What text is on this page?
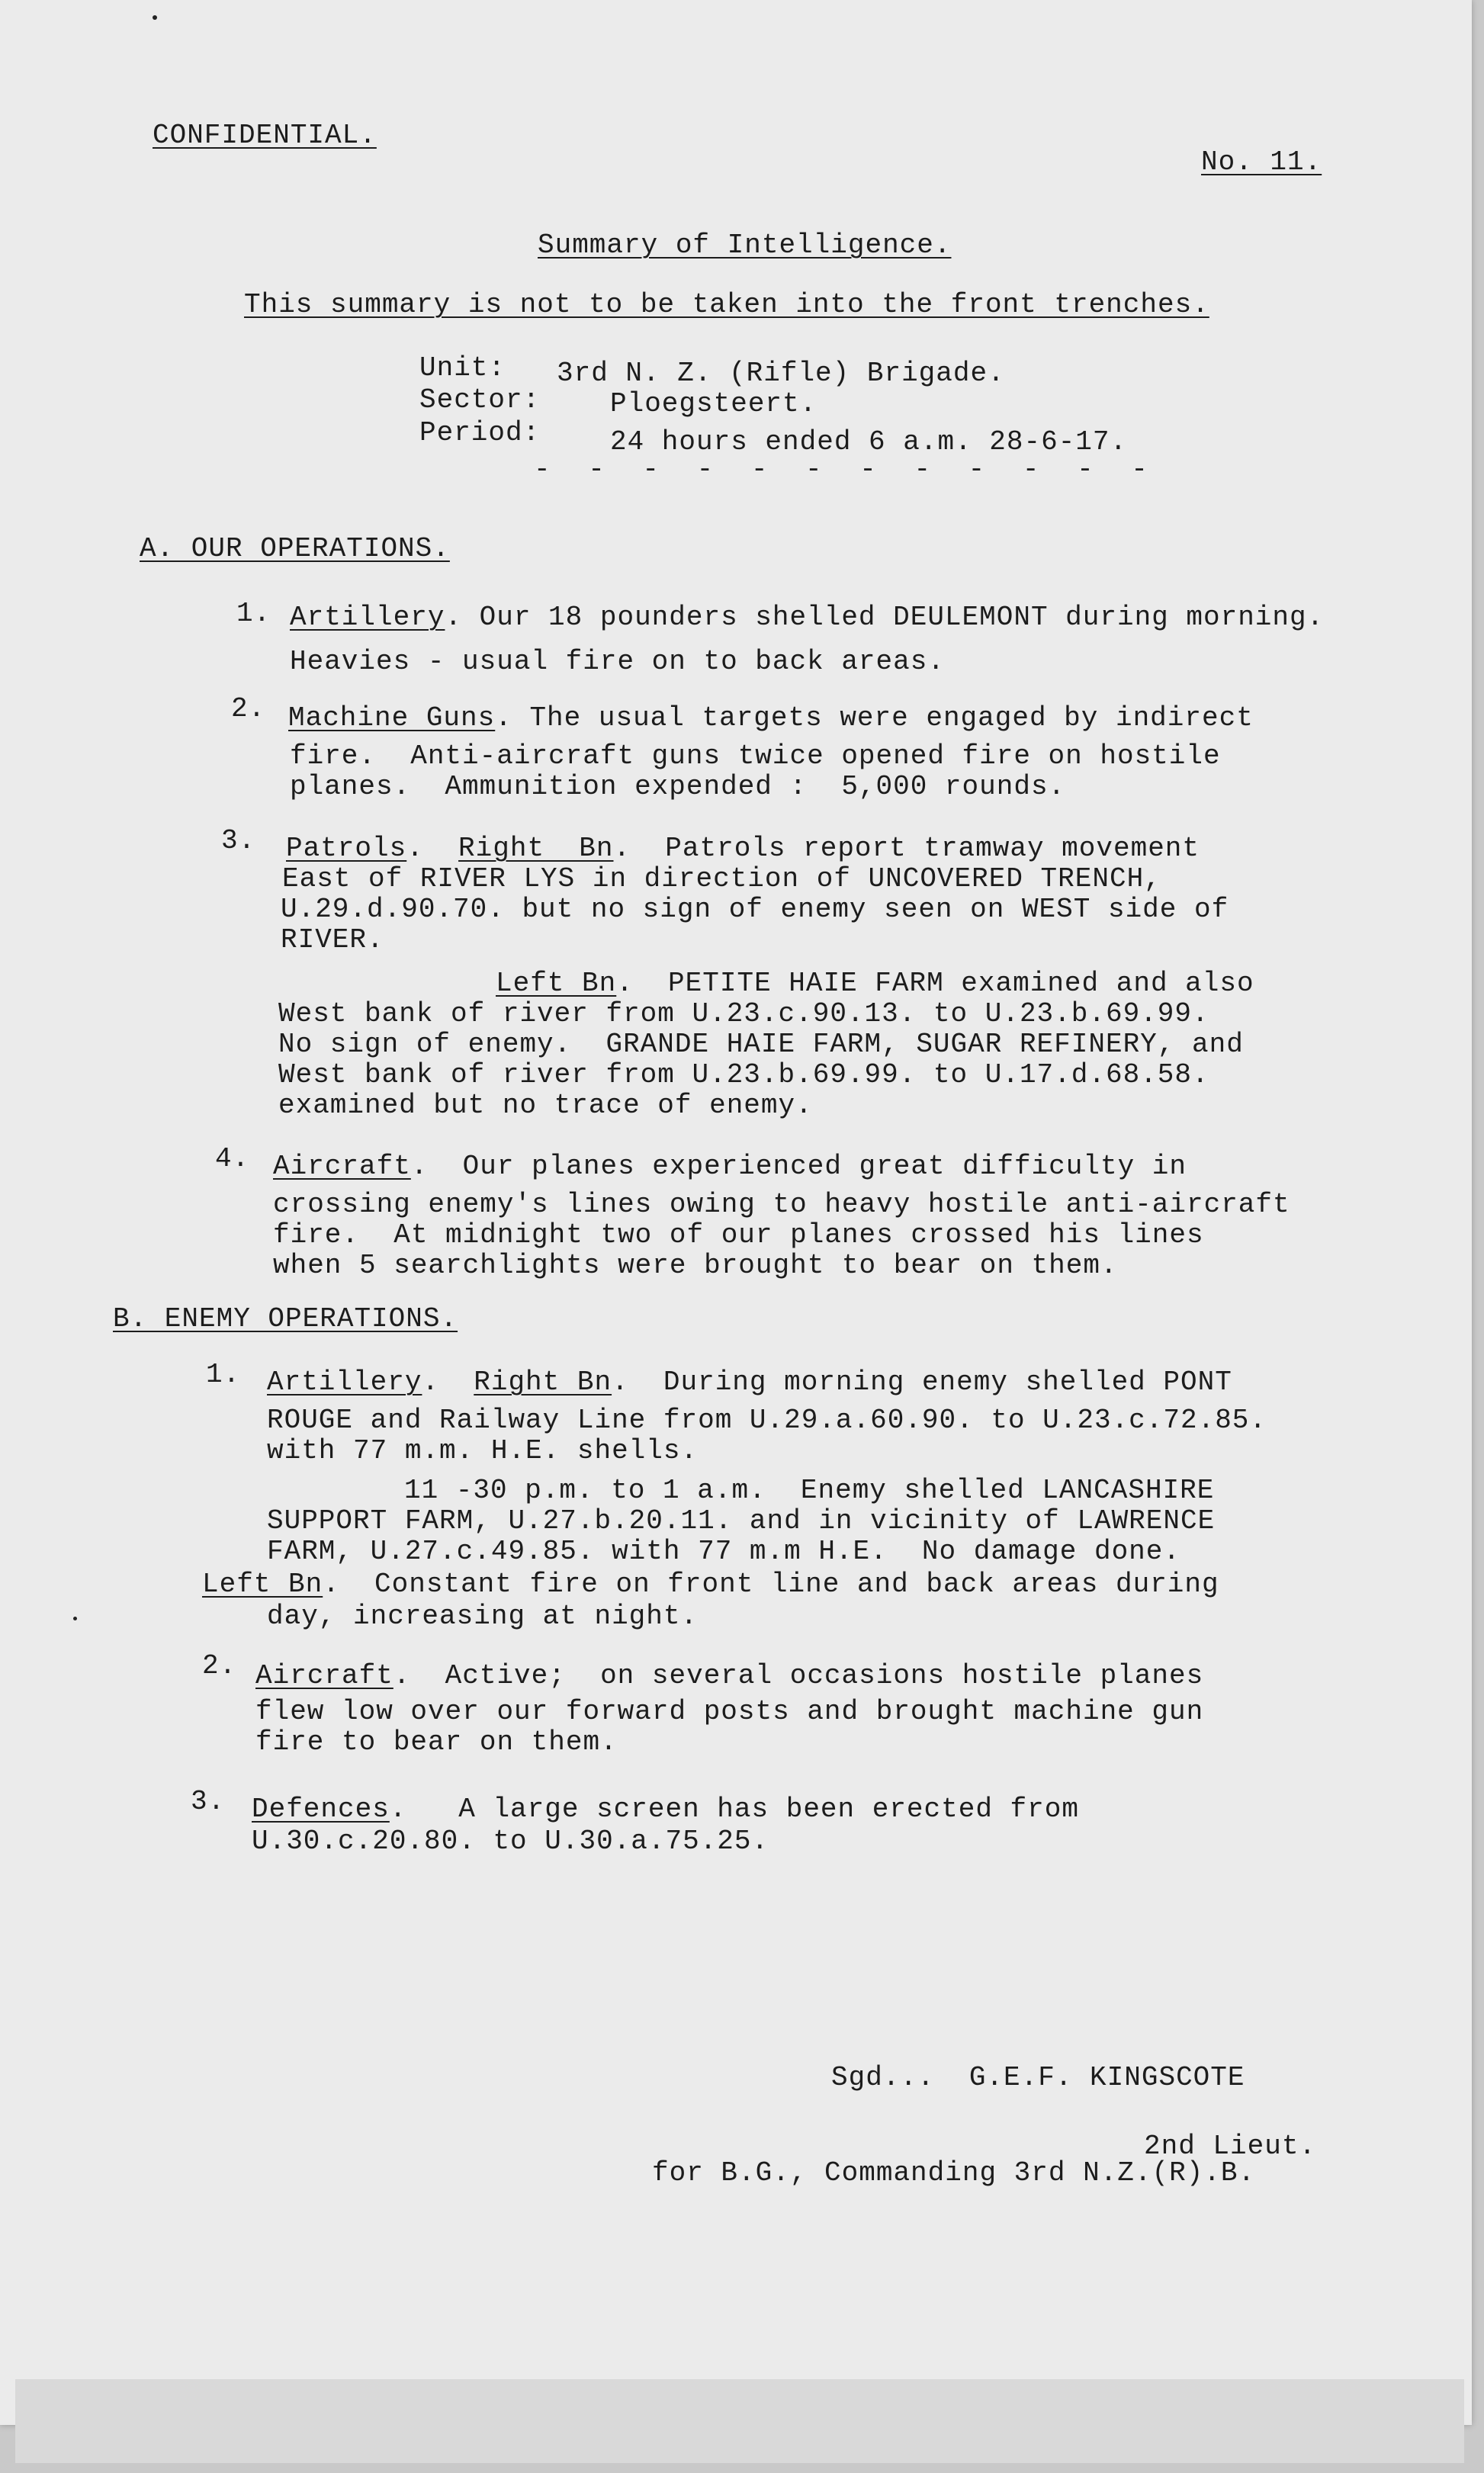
CONFIDENTIAL.
No. 11.
Summary of Intelligence.
This summary is not to be taken into the front trenches.
Unit: 3rd N. Z. (Rifle) Brigade.
Sector:	Ploegsteert.
Period:	24 hours ended 6 a.m. 28-6-17.
- - - - - - - - - - - -
A. OUR OPERATIONS.
1. Artillery. Our 18 pounders shelled DEULEMONT during morning.
Heavies - usual fire on to back areas.
2. Machine Guns. The usual targets were engaged by indirect
fire.  Anti-aircraft guns twice opened fire on hostile
planes.  Ammunition expended :  5,000 rounds.
3. Patrols.  Right  Bn.  Patrols report tramway movement
East of RIVER LYS in direction of UNCOVERED TRENCH,
U.29.d.90.70. but no sign of enemy seen on WEST side of
RIVER.
Left Bn.  PETITE HAIE FARM examined and also
West bank of river from U.23.c.90.13. to U.23.b.69.99.
No sign of enemy.  GRANDE HAIE FARM, SUGAR REFINERY, and
West bank of river from U.23.b.69.99. to U.17.d.68.58.
examined but no trace of enemy.
4. Aircraft.  Our planes experienced great difficulty in
crossing enemy's lines owing to heavy hostile anti-aircraft
fire.  At midnight two of our planes crossed his lines
when 5 searchlights were brought to bear on them.
B. ENEMY OPERATIONS.
1. Artillery.  Right Bn.  During morning enemy shelled PONT
ROUGE and Railway Line from U.29.a.60.90. to U.23.c.72.85.
with 77 m.m. H.E. shells.
11 -30 p.m. to 1 a.m.  Enemy shelled LANCASHIRE
SUPPORT FARM, U.27.b.20.11. and in vicinity of LAWRENCE
FARM, U.27.c.49.85. with 77 m.m H.E.  No damage done.
Left Bn.  Constant fire on front line and back areas during
day, increasing at night.
2. Aircraft.  Active;  on several occasions hostile planes
flew low over our forward posts and brought machine gun
fire to bear on them.
3. Defences.   A large screen has been erected from
U.30.c.20.80. to U.30.a.75.25.
Sgd...  G.E.F. KINGSCOTE
2nd Lieut.
for B.G., Commanding 3rd N.Z.(R).B.
